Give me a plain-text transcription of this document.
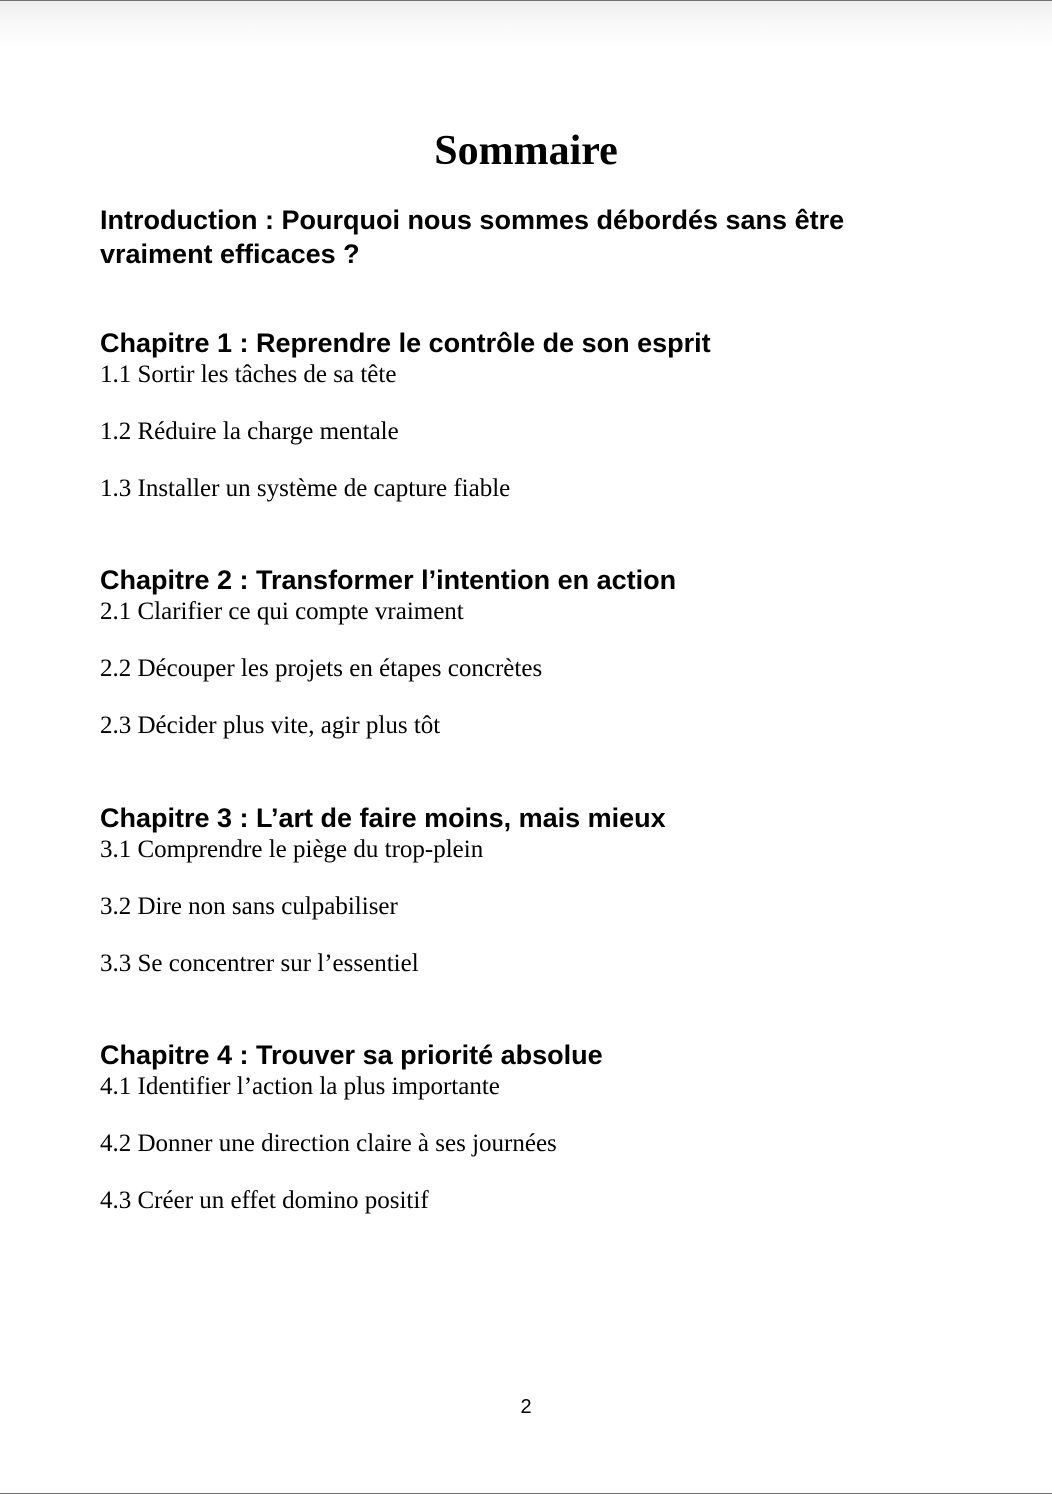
Sommaire
Introduction : Pourquoi nous sommes débordés sans être vraiment efficaces ?
Chapitre 1 : Reprendre le contrôle de son esprit
1.1 Sortir les tâches de sa tête
1.2 Réduire la charge mentale
1.3 Installer un système de capture fiable
Chapitre 2 : Transformer l’intention en action
2.1 Clarifier ce qui compte vraiment
2.2 Découper les projets en étapes concrètes
2.3 Décider plus vite, agir plus tôt
Chapitre 3 : L’art de faire moins, mais mieux
3.1 Comprendre le piège du trop-plein
3.2 Dire non sans culpabiliser
3.3 Se concentrer sur l’essentiel
Chapitre 4 : Trouver sa priorité absolue
4.1 Identifier l’action la plus importante
4.2 Donner une direction claire à ses journées
4.3 Créer un effet domino positif
2
